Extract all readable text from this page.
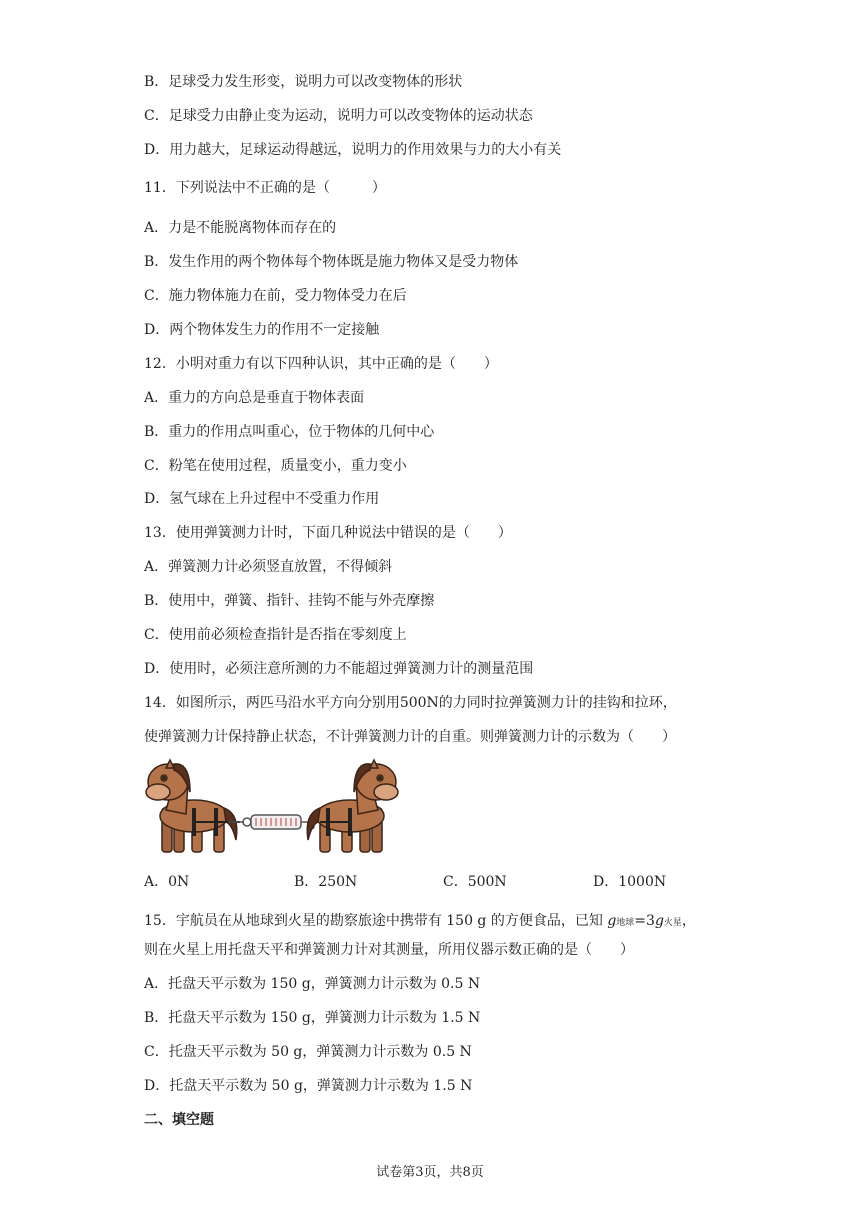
B．足球受力发生形变，说明力可以改变物体的形状
C．足球受力由静止变为运动，说明力可以改变物体的运动状态
D．用力越大，足球运动得越远，说明力的作用效果与力的大小有关
11．下列说法中不正确的是（　　　）
A．力是不能脱离物体而存在的
B．发生作用的两个物体每个物体既是施力物体又是受力物体
C．施力物体施力在前，受力物体受力在后
D．两个物体发生力的作用不一定接触
12．小明对重力有以下四种认识，其中正确的是（　　）
A．重力的方向总是垂直于物体表面
B．重力的作用点叫重心，位于物体的几何中心
C．粉笔在使用过程，质量变小，重力变小
D．氢气球在上升过程中不受重力作用
13．使用弹簧测力计时，下面几种说法中错误的是（　　）
A．弹簧测力计必须竖直放置，不得倾斜
B．使用中，弹簧、指针、挂钩不能与外壳摩擦
C．使用前必须检查指针是否指在零刻度上
D．使用时，必须注意所测的力不能超过弹簧测力计的测量范围
14．如图所示，两匹马沿水平方向分别用500N的力同时拉弹簧测力计的挂钩和拉环，
使弹簧测力计保持静止状态，不计弹簧测力计的自重。则弹簧测力计的示数为（　　）
A．0N	B．250N	C．500N	D．1000N
15．宇航员在从地球到火星的勘察旅途中携带有 150 g 的方便食品，已知 g地球=3g火星，
则在火星上用托盘天平和弹簧测力计对其测量，所用仪器示数正确的是（　　）
A．托盘天平示数为 150 g，弹簧测力计示数为 0.5 N
B．托盘天平示数为 150 g，弹簧测力计示数为 1.5 N
C．托盘天平示数为 50 g，弹簧测力计示数为 0.5 N
D．托盘天平示数为 50 g，弹簧测力计示数为 1.5 N
二、填空题
试卷第3页，共8页
